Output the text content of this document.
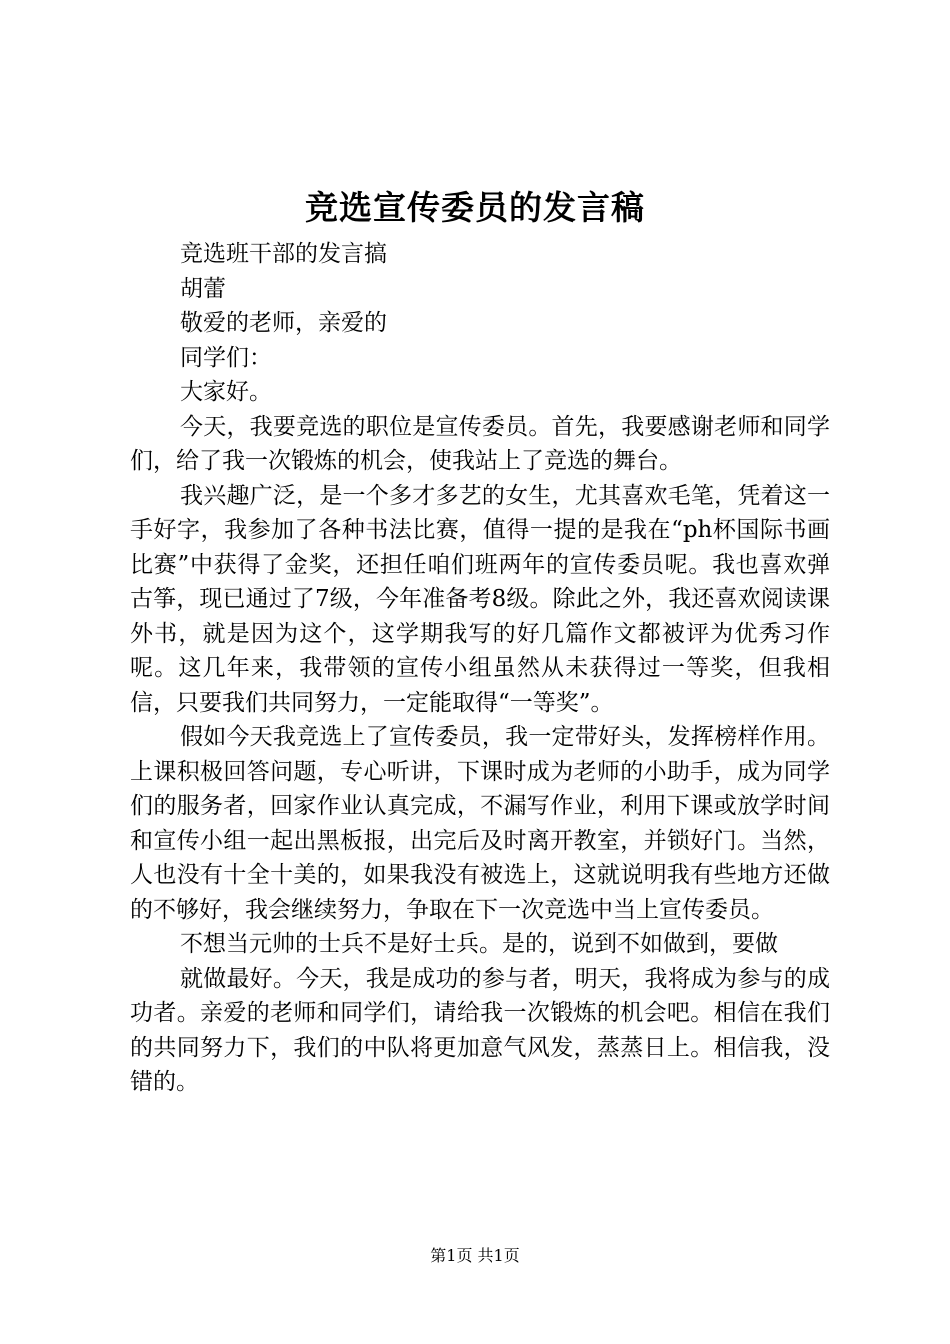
竞选宣传委员的发言稿

竞选班干部的发言搞

胡蕾

敬爱的老师，亲爱的

同学们：

大家好。

今天，我要竞选的职位是宣传委员。首先，我要感谢老师和同学们，给了我一次锻炼的机会，使我站上了竞选的舞台。

我兴趣广泛，是一个多才多艺的女生，尤其喜欢毛笔，凭着这一手好字，我参加了各种书法比赛，值得一提的是我在“ph杯国际书画比赛”中获得了金奖，还担任咱们班两年的宣传委员呢。我也喜欢弹古筝，现已通过了7级，今年准备考8级。除此之外，我还喜欢阅读课外书，就是因为这个，这学期我写的好几篇作文都被评为优秀习作呢。这几年来，我带领的宣传小组虽然从未获得过一等奖，但我相信，只要我们共同努力，一定能取得“一等奖”。

假如今天我竞选上了宣传委员，我一定带好头，发挥榜样作用。上课积极回答问题，专心听讲，下课时成为老师的小助手，成为同学们的服务者，回家作业认真完成，不漏写作业，利用下课或放学时间和宣传小组一起出黑板报，出完后及时离开教室，并锁好门。当然，人也没有十全十美的，如果我没有被选上，这就说明我有些地方还做的不够好，我会继续努力，争取在下一次竞选中当上宣传委员。

不想当元帅的士兵不是好士兵。是的，说到不如做到，要做

就做最好。今天，我是成功的参与者，明天，我将成为参与的成功者。亲爱的老师和同学们，请给我一次锻炼的机会吧。相信在我们的共同努力下，我们的中队将更加意气风发，蒸蒸日上。相信我，没错的。

第1页 共1页
